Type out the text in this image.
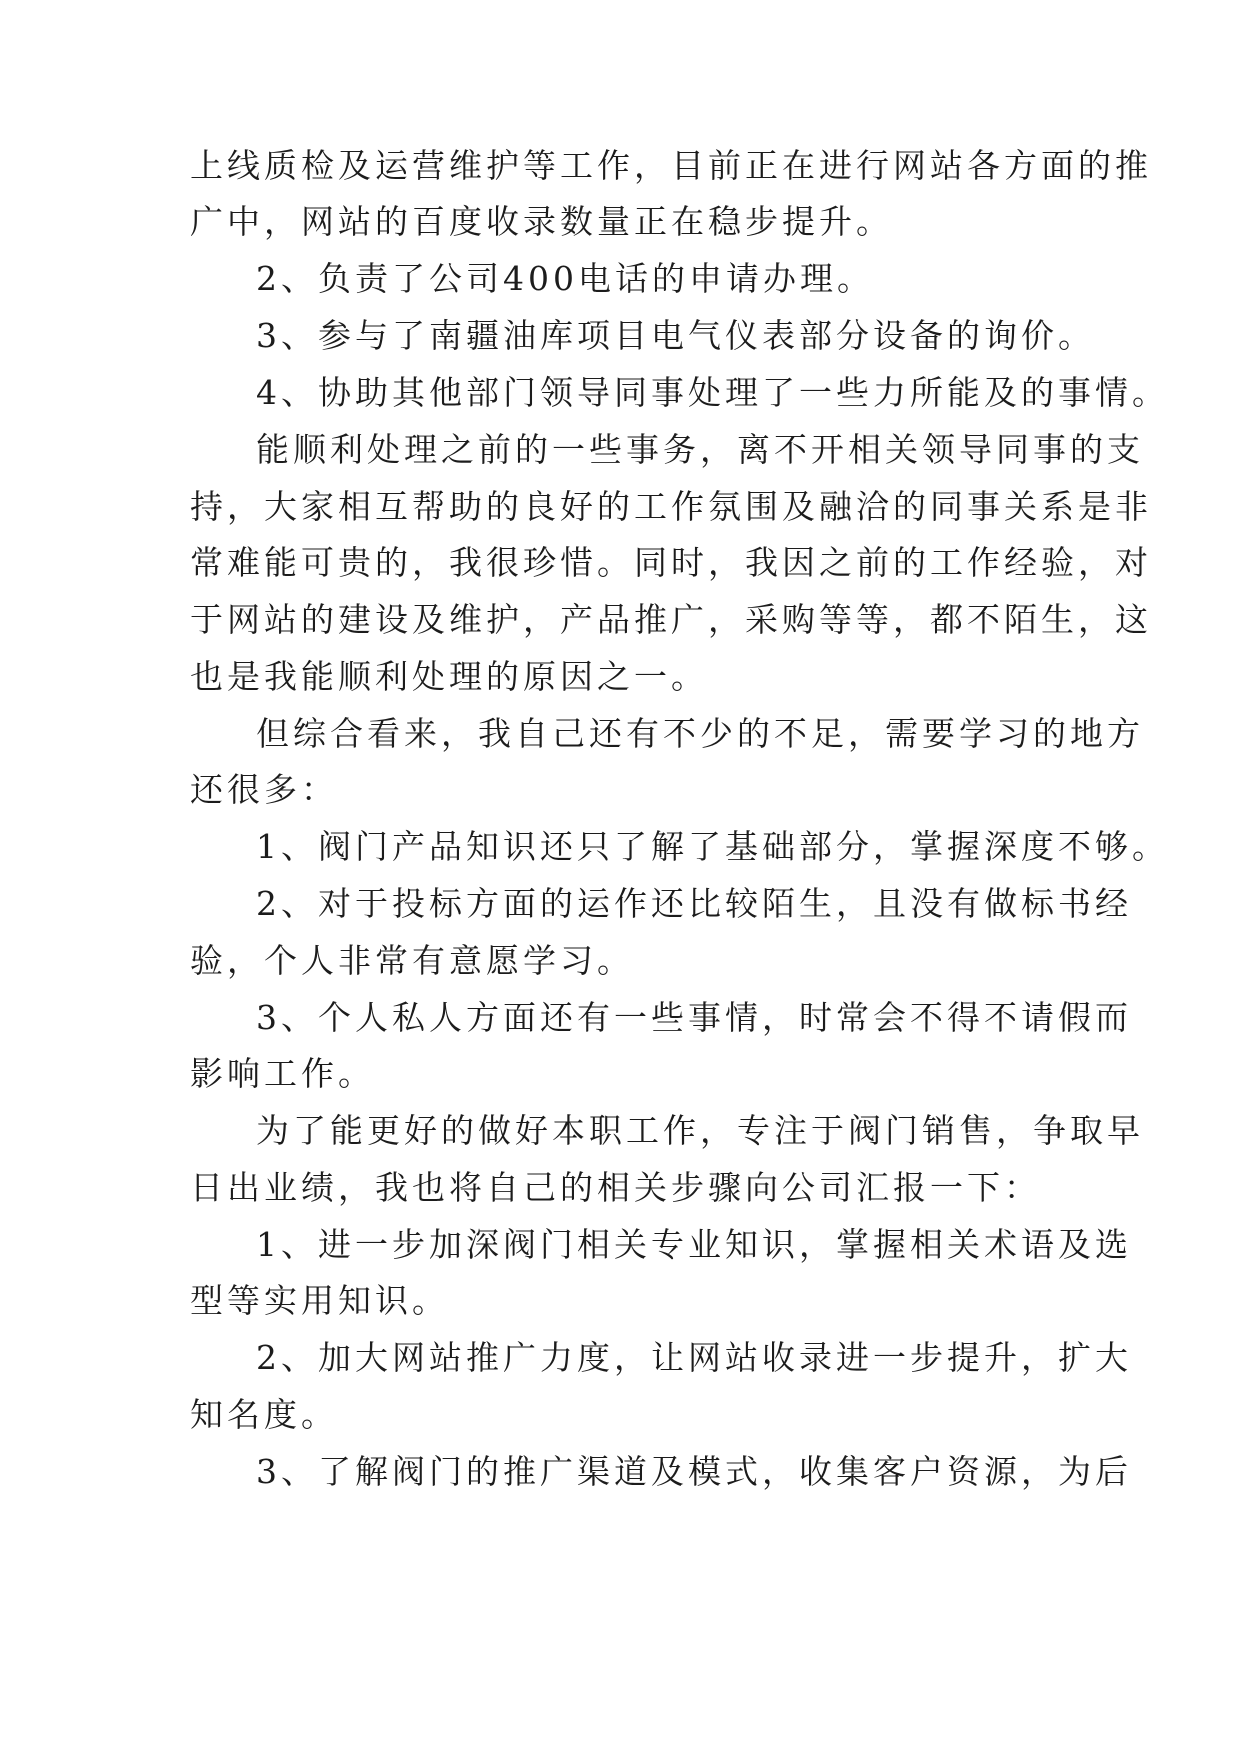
上线质检及运营维护等工作，目前正在进行网站各方面的推
广中，网站的百度收录数量正在稳步提升。
2、负责了公司400电话的申请办理。
3、参与了南疆油库项目电气仪表部分设备的询价。
4、协助其他部门领导同事处理了一些力所能及的事情。
能顺利处理之前的一些事务，离不开相关领导同事的支
持，大家相互帮助的良好的工作氛围及融洽的同事关系是非
常难能可贵的，我很珍惜。同时，我因之前的工作经验，对
于网站的建设及维护，产品推广，采购等等，都不陌生，这
也是我能顺利处理的原因之一。
但综合看来，我自己还有不少的不足，需要学习的地方
还很多：
1、阀门产品知识还只了解了基础部分，掌握深度不够。
2、对于投标方面的运作还比较陌生，且没有做标书经
验，个人非常有意愿学习。
3、个人私人方面还有一些事情，时常会不得不请假而
影响工作。
为了能更好的做好本职工作，专注于阀门销售，争取早
日出业绩，我也将自己的相关步骤向公司汇报一下：
1、进一步加深阀门相关专业知识，掌握相关术语及选
型等实用知识。
2、加大网站推广力度，让网站收录进一步提升，扩大
知名度。
3、了解阀门的推广渠道及模式，收集客户资源，为后
